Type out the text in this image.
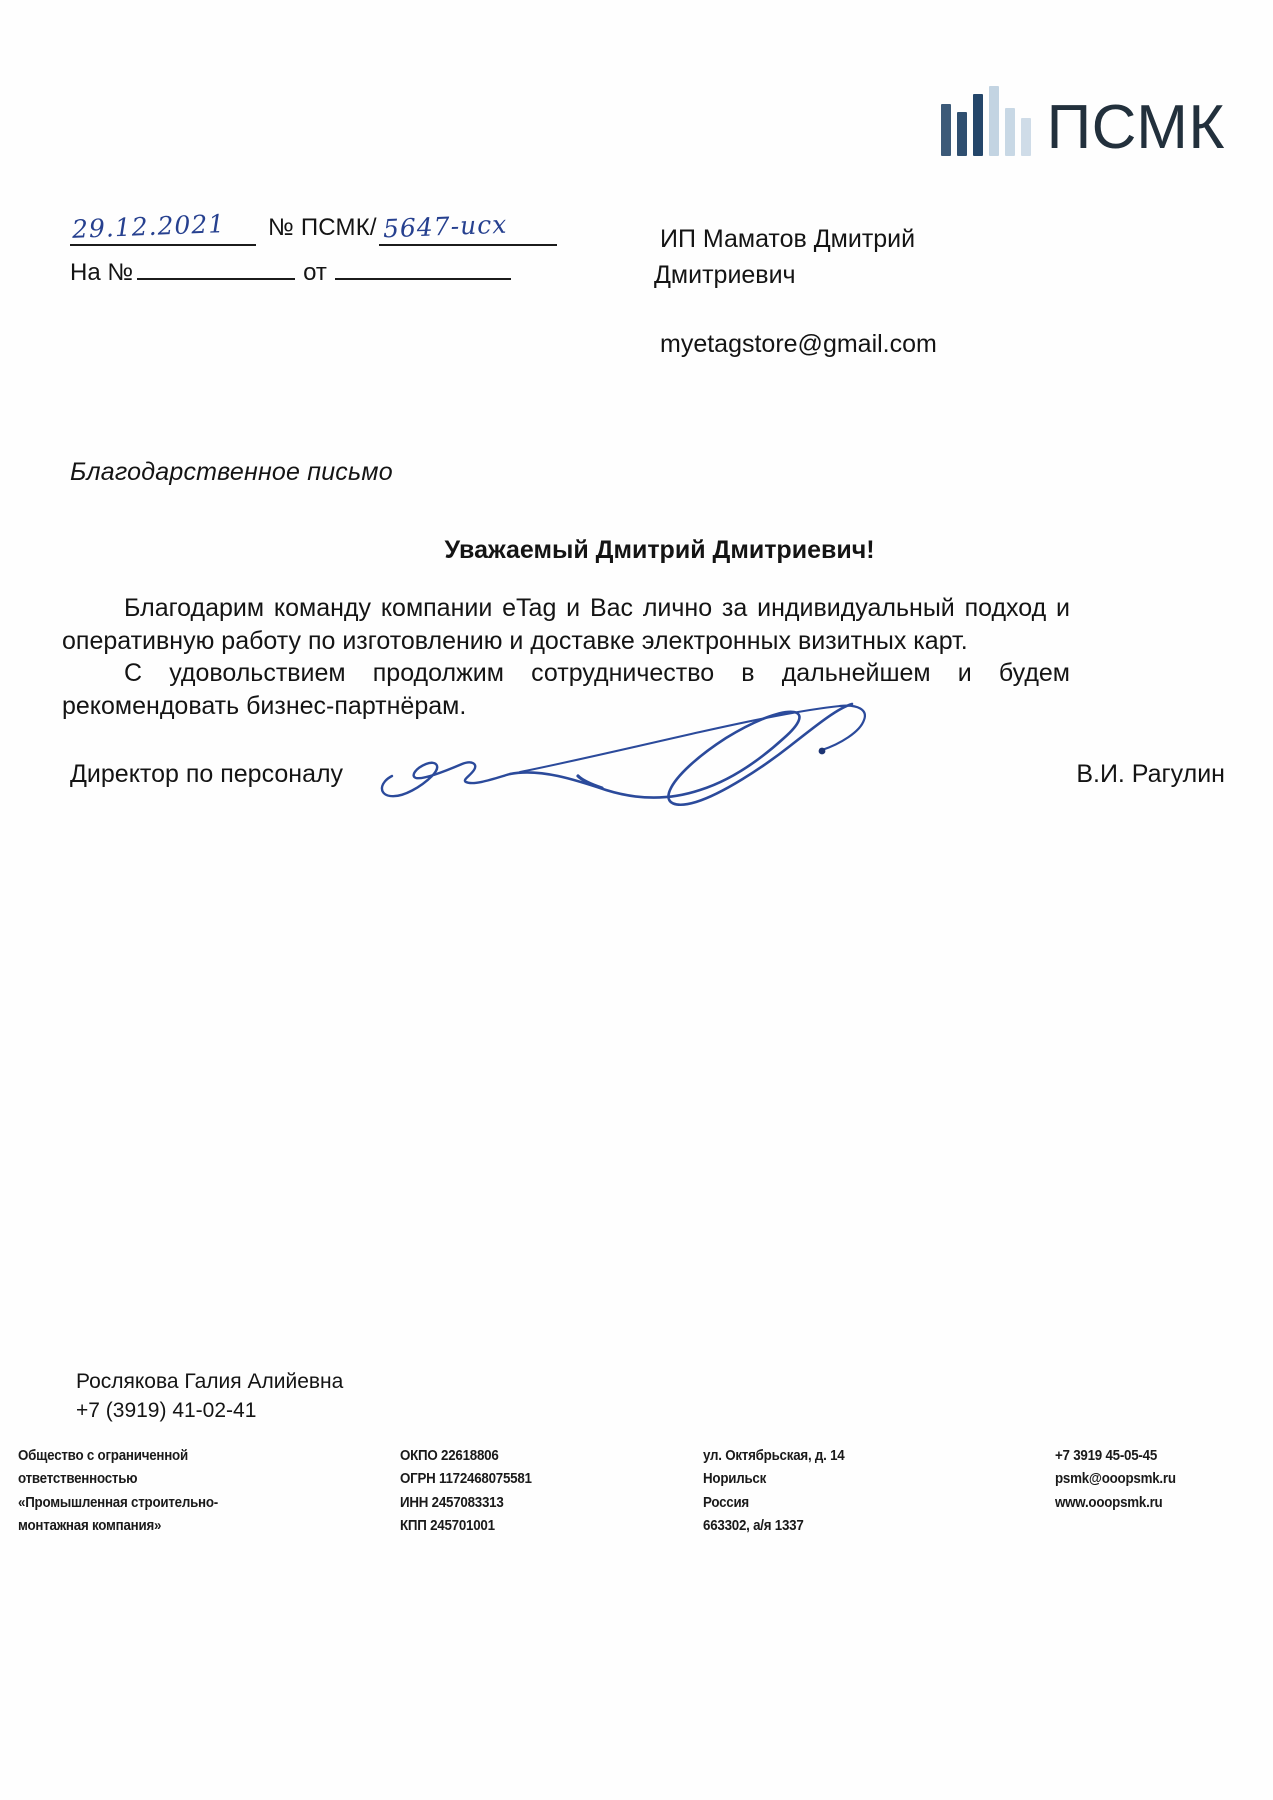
ПСМК
29.12.2021	№ ПСМК/ 5647-исх
На №	от
ИП Маматов Дмитрий
Дмитриевич
myetagstore@gmail.com
Благодарственное письмо
Уважаемый Дмитрий Дмитриевич!

Благодарим команду компании eTag и Вас лично за индивидуальный подход и оперативную работу по изготовлению и доставке электронных визитных карт.

С удовольствием продолжим сотрудничество в дальнейшем и будем рекомендовать бизнес-партнёрам.

Директор по персоналу	В.И. Рагулин
Рослякова Галия Алийевна
+7 (3919) 41-02-41
Общество с ограниченной
ответственностью
«Промышленная строительно-
монтажная компания»
ОКПО 22618806
ОГРН 1172468075581
ИНН 2457083313
КПП 245701001
ул. Октябрьская, д. 14
Норильск
Россия
663302, а/я 1337
+7 3919 45-05-45
psmk@ooopsmk.ru
www.ooopsmk.ru
